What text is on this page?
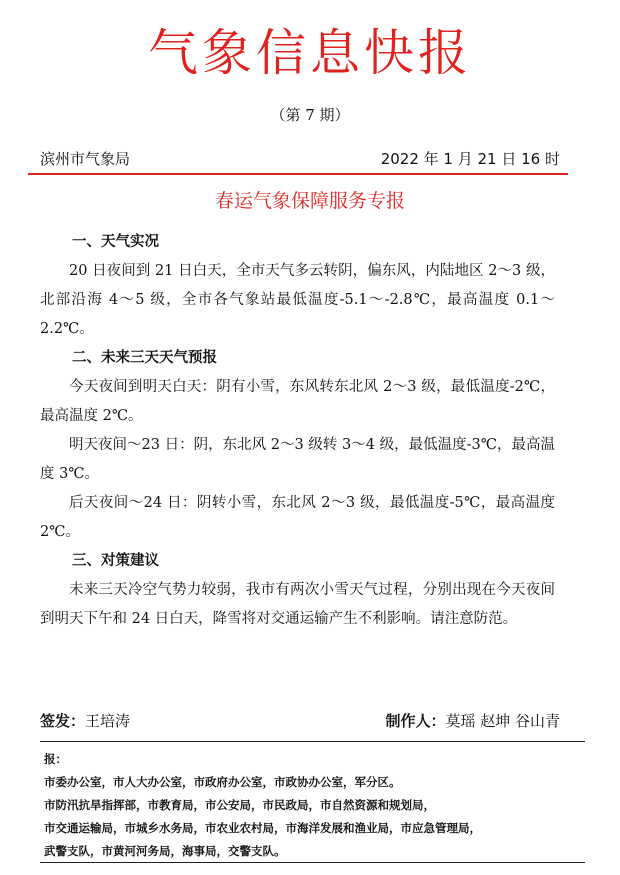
气象信息快报
（第 7 期）
滨州市气象局	2022 年 1 月 21 日 16 时
春运气象保障服务专报
一、天气实况
20 日夜间到 21 日白天，全市天气多云转阴，偏东风，内陆地区 2～3 级，北部沿海 4～5 级，全市各气象站最低温度-5.1～-2.8℃，最高温度 0.1～2.2℃。
二、未来三天天气预报
今天夜间到明天白天：阴有小雪，东风转东北风 2～3 级，最低温度-2℃，最高温度 2℃。
明天夜间～23 日：阴，东北风 2～3 级转 3～4 级，最低温度-3℃，最高温度 3℃。
后天夜间～24 日：阴转小雪，东北风 2～3 级，最低温度-5℃，最高温度 2℃。
三、对策建议
未来三天冷空气势力较弱，我市有两次小雪天气过程，分别出现在今天夜间到明天下午和 24 日白天，降雪将对交通运输产生不利影响。请注意防范。
签发：王培涛	制作人：莫瑶 赵坤 谷山青
报：
市委办公室，市人大办公室，市政府办公室，市政协办公室，军分区。
市防汛抗旱指挥部，市教育局，市公安局，市民政局，市自然资源和规划局，
市交通运输局，市城乡水务局，市农业农村局，市海洋发展和渔业局，市应急管理局，
武警支队，市黄河河务局，海事局，交警支队。
